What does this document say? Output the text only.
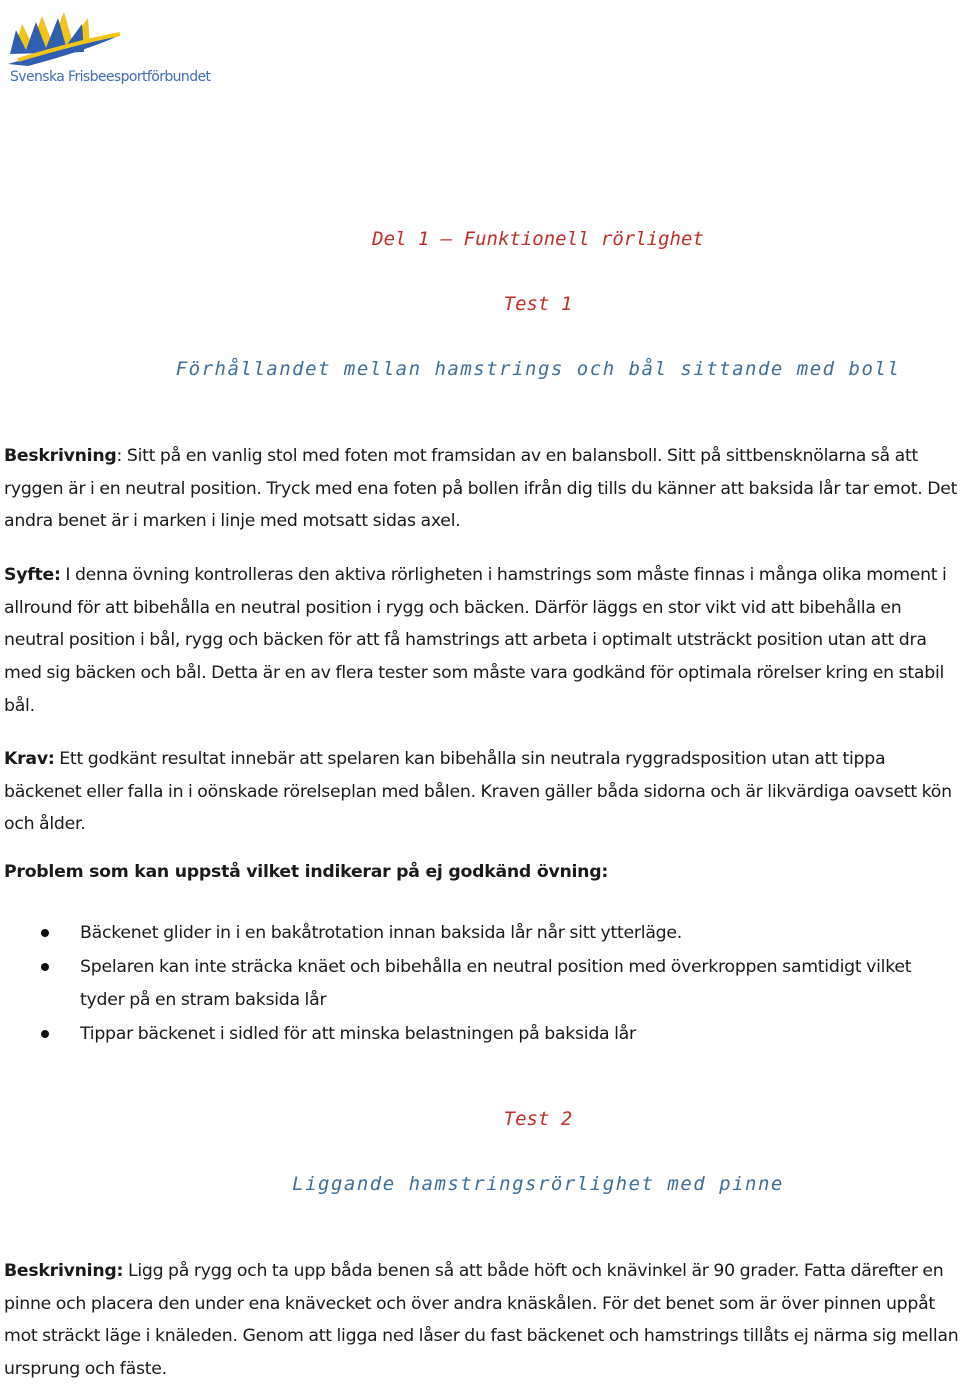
Svenska Frisbeesportförbundet
Del 1 – Funktionell rörlighet
Test 1
Förhållandet mellan hamstrings och bål sittande med boll
Beskrivning: Sitt på en vanlig stol med foten mot framsidan av en balansboll. Sitt på sittbensknölarna så att ryggen är i en neutral position. Tryck med ena foten på bollen ifrån dig tills du känner att baksida lår tar emot. Det andra benet är i marken i linje med motsatt sidas axel.
Syfte: I denna övning kontrolleras den aktiva rörligheten i hamstrings som måste finnas i många olika moment i allround för att bibehålla en neutral position i rygg och bäcken. Därför läggs en stor vikt vid att bibehålla en neutral position i bål, rygg och bäcken för att få hamstrings att arbeta i optimalt utsträckt position utan att dra med sig bäcken och bål. Detta är en av flera tester som måste vara godkänd för optimala rörelser kring en stabil bål.
Krav: Ett godkänt resultat innebär att spelaren kan bibehålla sin neutrala ryggradsposition utan att tippa bäckenet eller falla in i oönskade rörelseplan med bålen. Kraven gäller båda sidorna och är likvärdiga oavsett kön och ålder.
Problem som kan uppstå vilket indikerar på ej godkänd övning:
Bäckenet glider in i en bakåtrotation innan baksida lår når sitt ytterläge.
Spelaren kan inte sträcka knäet och bibehålla en neutral position med överkroppen samtidigt vilket tyder på en stram baksida lår
Tippar bäckenet i sidled för att minska belastningen på baksida lår
Test 2
Liggande hamstringsrörlighet med pinne
Beskrivning: Ligg på rygg och ta upp båda benen så att både höft och knävinkel är 90 grader. Fatta därefter en pinne och placera den under ena knävecket och över andra knäskålen. För det benet som är över pinnen uppåt mot sträckt läge i knäleden. Genom att ligga ned låser du fast bäckenet och hamstrings tillåts ej närma sig mellan ursprung och fäste.
